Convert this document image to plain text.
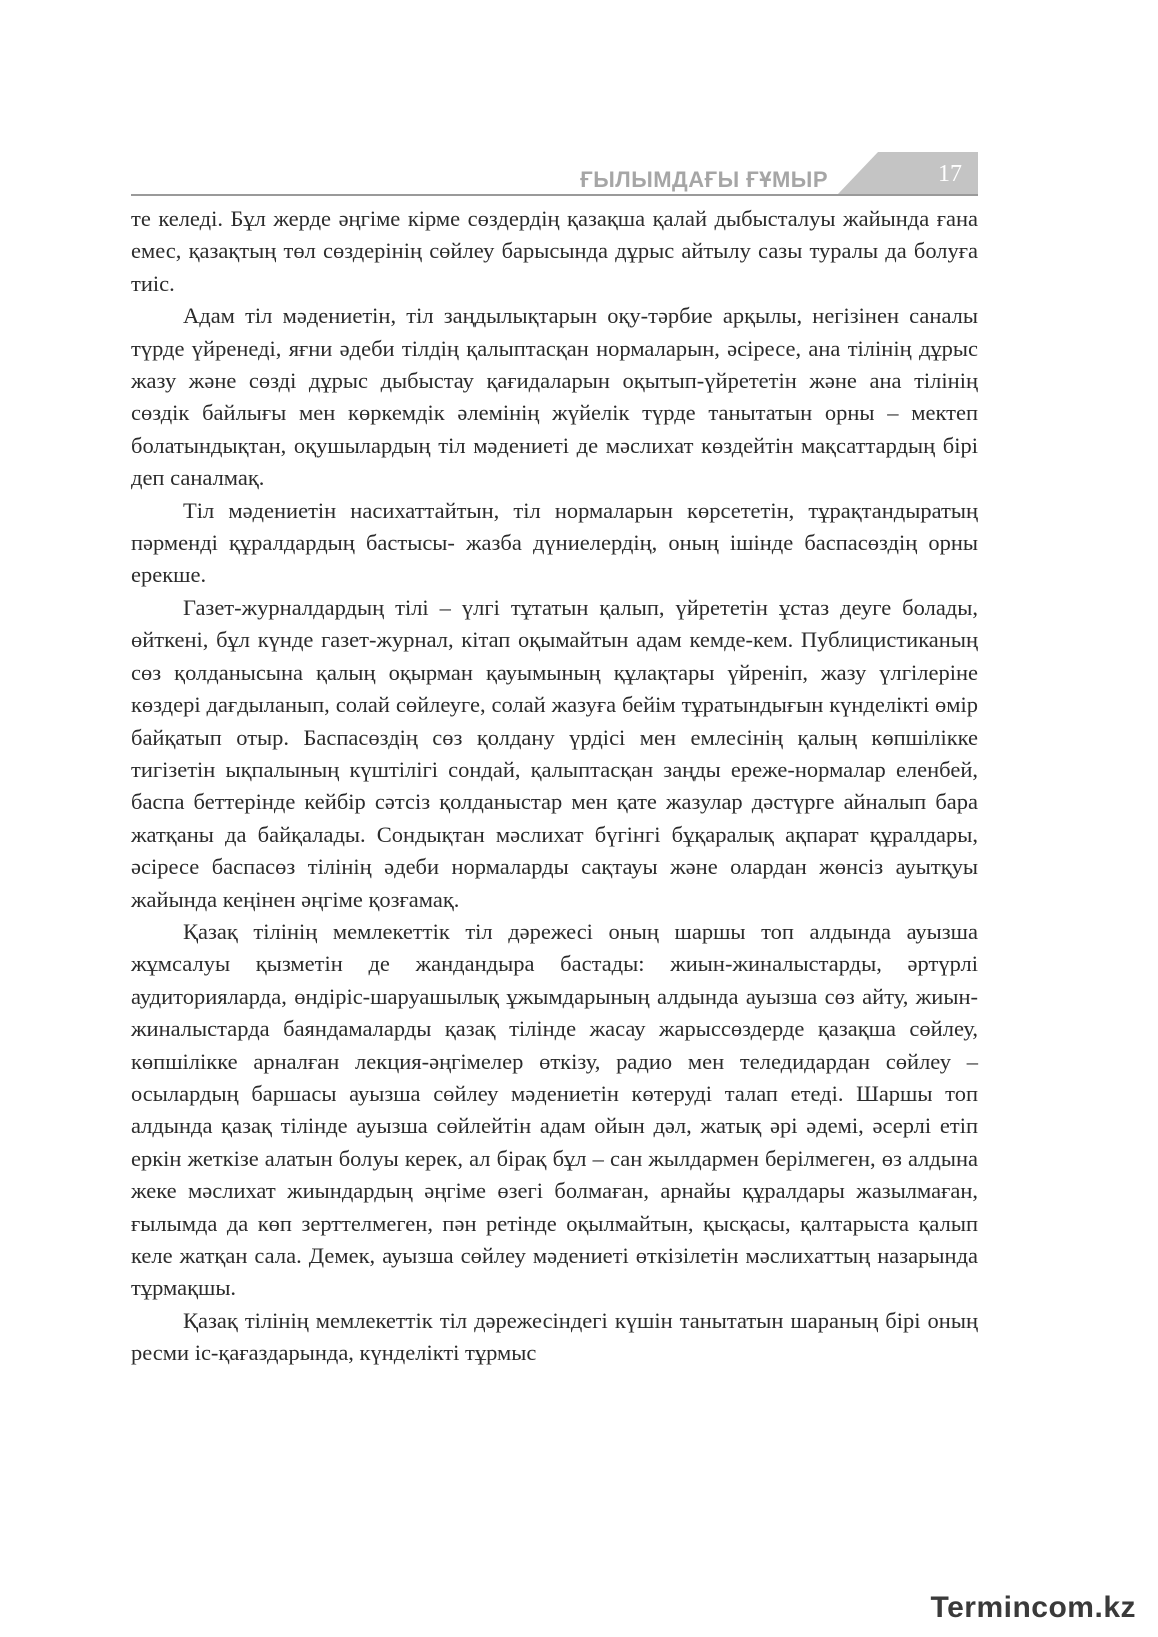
ҒЫЛЫМДАҒЫ ҒҰМЫР	17

те келеді. Бұл жерде әңгіме кірме сөздердің қазақша қалай дыбысталуы жайында ғана емес, қазақтың төл сөздерінің сөйлеу барысында дұрыс айтылу сазы туралы да болуға тиіс.

Адам тіл мәдениетін, тіл заңдылықтарын оқу-тәрбие арқылы, негізінен саналы түрде үйренеді, яғни әдеби тілдің қалыптасқан нормаларын, әсіресе, ана тілінің дұрыс жазу және сөзді дұрыс дыбыстау қағидаларын оқытып-үйрететін және ана тілінің сөздік байлығы мен көркемдік әлемінің жүйелік түрде танытатын орны – мектеп болатындықтан, оқушылардың тіл мәдениеті де мәслихат көздейтін мақсаттардың бірі деп саналмақ.

Тіл мәдениетін насихаттайтын, тіл нормаларын көрсететін, тұрақтандыратың пәрменді құралдардың бастысы- жазба дүниелердің, оның ішінде баспасөздің орны ерекше.

Газет-журналдардың тілі – үлгі тұтатын қалып, үйрететін ұстаз деуге болады, өйткені, бұл күнде газет-журнал, кітап оқымайтын адам кемде-кем. Публицистиканың сөз қолданысына қалың оқырман қауымының құлақтары үйреніп, жазу үлгілеріне көздері дағдыланып, солай сөйлеуге, солай жазуға бейім тұратындығын күнделікті өмір байқатып отыр. Баспасөздің сөз қолдану үрдісі мен емлесінің қалың көпшілікке тигізетін ықпалының күштілігі сондай, қалыптасқан заңды ереже-нормалар еленбей, баспа беттерінде кейбір сәтсіз қолданыстар мен қате жазулар дәстүрге айналып бара жатқаны да байқалады. Сондықтан мәслихат бүгінгі бұқаралық ақпарат құралдары, әсіресе баспасөз тілінің әдеби нормаларды сақтауы және олардан жөнсіз ауытқуы жайында кеңінен әңгіме қозғамақ.

Қазақ тілінің мемлекеттік тіл дәрежесі оның шаршы топ алдында ауызша жұмсалуы қызметін де жандандыра бастады: жиын-жиналыстарды, әртүрлі аудиторияларда, өндіріс-шаруашылық ұжымдарының алдында ауызша сөз айту, жиын-жиналыстарда баяндамаларды қазақ тілінде жасау жарыссөздерде қазақша сөйлеу, көпшілікке арналған лекция-әңгімелер өткізу, радио мен теледидардан сөйлеу – осылардың баршасы ауызша сөйлеу мәдениетін көтеруді талап етеді. Шаршы топ алдында қазақ тілінде ауызша сөйлейтін адам ойын дәл, жатық әрі әдемі, әсерлі етіп еркін жеткізе алатын болуы керек, ал бірақ бұл – сан жылдармен берілмеген, өз алдына жеке мәслихат жиындардың әңгіме өзегі болмаған, арнайы құралдары жазылмаған, ғылымда да көп зерттелмеген, пән ретінде оқылмайтын, қысқасы, қалтарыста қалып келе жатқан сала. Демек, ауызша сөйлеу мәдениеті өткізілетін мәслихаттың назарында тұрмақшы.

Қазақ тілінің мемлекеттік тіл дәрежесіндегі күшін танытатын шараның бірі оның ресми іс-қағаздарында, күнделікті тұрмыс

Termincom.kz
